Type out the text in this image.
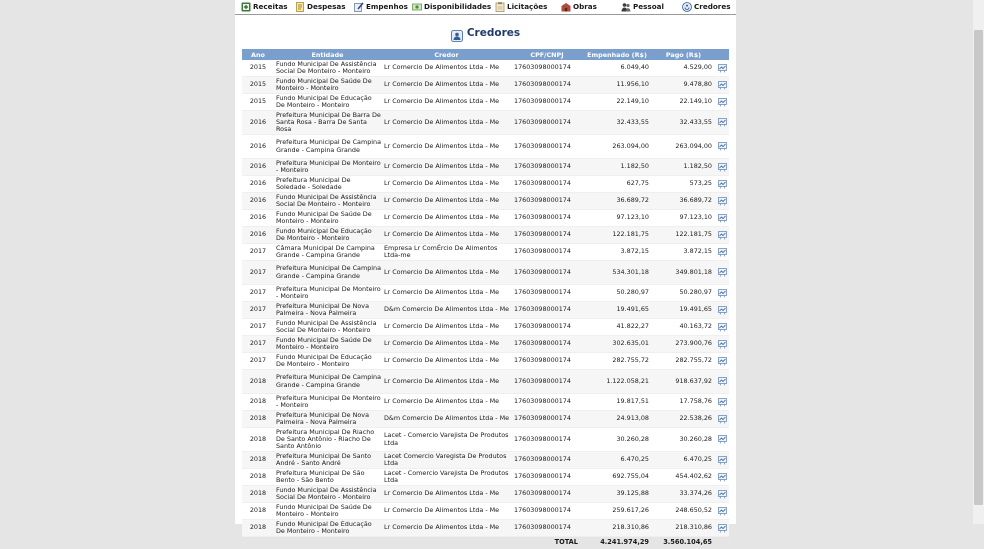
Receitas	Despesas	Empenhos	Disponibilidades	Licitações	Obras	Pessoal	Credores
Credores
Ano	Entidade	Credor	CPF/CNPJ	Empenhado (R$)	Pago (R$)	
2015	Fundo Municipal De Assistência Social De Monteiro - Monteiro	Lr Comercio De Alimentos Ltda - Me	17603098000174	6.049,40	4.529,00	

2015	Fundo Municipal De Saúde De Monteiro - Monteiro	Lr Comercio De Alimentos Ltda - Me	17603098000174	11.956,10	9.478,80	

2015	Fundo Municipal De Educação De Monteiro - Monteiro	Lr Comercio De Alimentos Ltda - Me	17603098000174	22.149,10	22.149,10	

2016	Prefeitura Municipal De Barra De Santa Rosa - Barra De Santa Rosa	Lr Comercio De Alimentos Ltda - Me	17603098000174	32.433,55	32.433,55	

2016	Prefeitura Municipal De Campina Grande - Campina Grande	Lr Comercio De Alimentos Ltda - Me	17603098000174	263.094,00	263.094,00	

2016	Prefeitura Municipal De Monteiro - Monteiro	Lr Comercio De Alimentos Ltda - Me	17603098000174	1.182,50	1.182,50	

2016	Prefeitura Municipal De Soledade - Soledade	Lr Comercio De Alimentos Ltda - Me	17603098000174	627,75	573,25	

2016	Fundo Municipal De Assistência Social De Monteiro - Monteiro	Lr Comercio De Alimentos Ltda - Me	17603098000174	36.689,72	36.689,72	

2016	Fundo Municipal De Saúde De Monteiro - Monteiro	Lr Comercio De Alimentos Ltda - Me	17603098000174	97.123,10	97.123,10	

2016	Fundo Municipal De Educação De Monteiro - Monteiro	Lr Comercio De Alimentos Ltda - Me	17603098000174	122.181,75	122.181,75	

2017	Câmara Municipal De Campina Grande - Campina Grande	Empresa Lr ComÉrcio De Alimentos Ltda-me	17603098000174	3.872,15	3.872,15	

2017	Prefeitura Municipal De Campina Grande - Campina Grande	Lr Comercio De Alimentos Ltda - Me	17603098000174	534.301,18	349.801,18	

2017	Prefeitura Municipal De Monteiro - Monteiro	Lr Comercio De Alimentos Ltda - Me	17603098000174	50.280,97	50.280,97	

2017	Prefeitura Municipal De Nova Palmeira - Nova Palmeira	D&m Comercio De Alimentos Ltda - Me	17603098000174	19.491,65	19.491,65	

2017	Fundo Municipal De Assistência Social De Monteiro - Monteiro	Lr Comercio De Alimentos Ltda - Me	17603098000174	41.822,27	40.163,72	

2017	Fundo Municipal De Saúde De Monteiro - Monteiro	Lr Comercio De Alimentos Ltda - Me	17603098000174	302.635,01	273.900,76	

2017	Fundo Municipal De Educação De Monteiro - Monteiro	Lr Comercio De Alimentos Ltda - Me	17603098000174	282.755,72	282.755,72	

2018	Prefeitura Municipal De Campina Grande - Campina Grande	Lr Comercio De Alimentos Ltda - Me	17603098000174	1.122.058,21	918.637,92	

2018	Prefeitura Municipal De Monteiro - Monteiro	Lr Comercio De Alimentos Ltda - Me	17603098000174	19.817,51	17.758,76	

2018	Prefeitura Municipal De Nova Palmeira - Nova Palmeira	D&m Comercio De Alimentos Ltda - Me	17603098000174	24.913,08	22.538,26	

2018	Prefeitura Municipal De Riacho De Santo Antônio - Riacho De Santo Antônio	Lacet - Comercio Varejista De Produtos Ltda	17603098000174	30.260,28	30.260,28	

2018	Prefeitura Municipal De Santo André - Santo André	Lacet Comercio Varegista De Produtos Ltda	17603098000174	6.470,25	6.470,25	

2018	Prefeitura Municipal De São Bento - São Bento	Lacet - Comercio Varejista De Produtos Ltda	17603098000174	692.755,04	454.402,62	

2018	Fundo Municipal De Assistência Social De Monteiro - Monteiro	Lr Comercio De Alimentos Ltda - Me	17603098000174	39.125,88	33.374,26	

2018	Fundo Municipal De Saúde De Monteiro - Monteiro	Lr Comercio De Alimentos Ltda - Me	17603098000174	259.617,26	248.650,52	

2018	Fundo Municipal De Educação De Monteiro - Monteiro	Lr Comercio De Alimentos Ltda - Me	17603098000174	218.310,86	218.310,86	

TOTAL				4.241.974,29	3.560.104,65	
